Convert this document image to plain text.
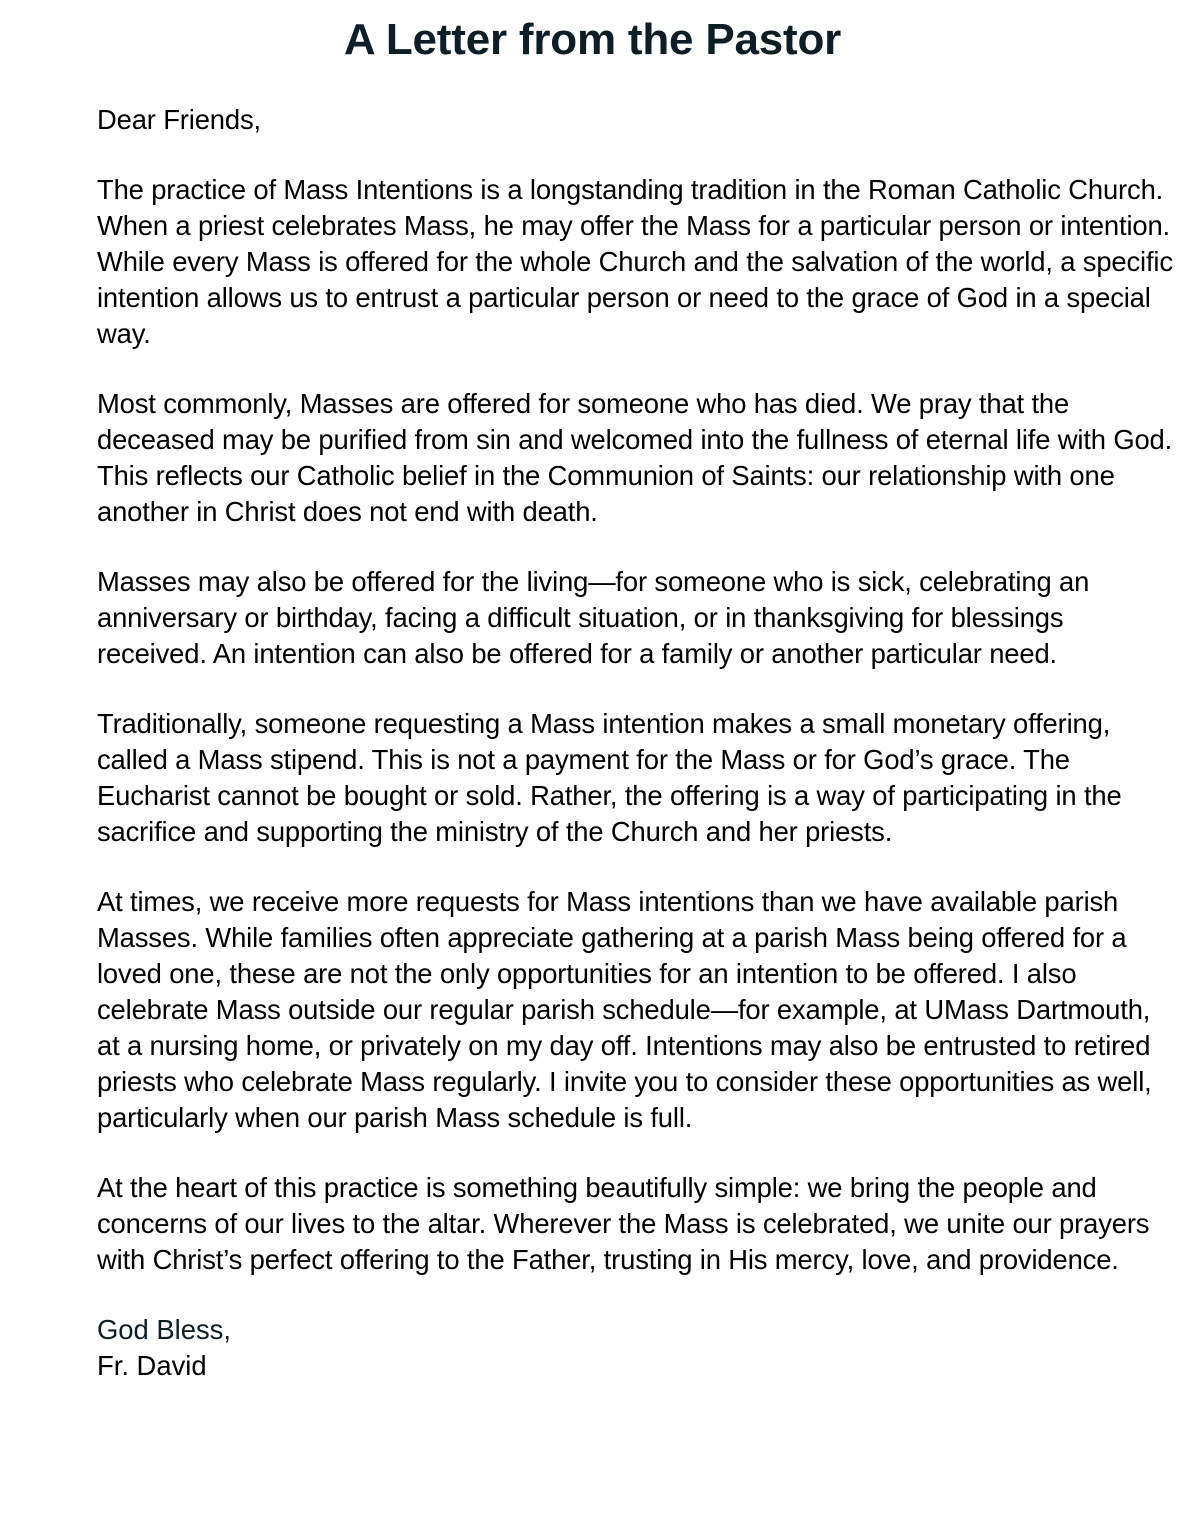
A Letter from the Pastor

Dear Friends,

The practice of Mass Intentions is a longstanding tradition in the Roman Catholic Church. When a priest celebrates Mass, he may offer the Mass for a particular person or intention. While every Mass is offered for the whole Church and the salvation of the world, a specific intention allows us to entrust a particular person or need to the grace of God in a special way.

Most commonly, Masses are offered for someone who has died. We pray that the deceased may be purified from sin and welcomed into the fullness of eternal life with God. This reflects our Catholic belief in the Communion of Saints: our relationship with one another in Christ does not end with death.

Masses may also be offered for the living—for someone who is sick, celebrating an anniversary or birthday, facing a difficult situation, or in thanksgiving for blessings received. An intention can also be offered for a family or another particular need.

Traditionally, someone requesting a Mass intention makes a small monetary offering, called a Mass stipend. This is not a payment for the Mass or for God’s grace. The Eucharist cannot be bought or sold. Rather, the offering is a way of participating in the sacrifice and supporting the ministry of the Church and her priests.

At times, we receive more requests for Mass intentions than we have available parish Masses. While families often appreciate gathering at a parish Mass being offered for a loved one, these are not the only opportunities for an intention to be offered. I also celebrate Mass outside our regular parish schedule—for example, at UMass Dartmouth, at a nursing home, or privately on my day off. Intentions may also be entrusted to retired priests who celebrate Mass regularly. I invite you to consider these opportunities as well, particularly when our parish Mass schedule is full.

At the heart of this practice is something beautifully simple: we bring the people and concerns of our lives to the altar. Wherever the Mass is celebrated, we unite our prayers with Christ’s perfect offering to the Father, trusting in His mercy, love, and providence.

God Bless,
Fr. David
